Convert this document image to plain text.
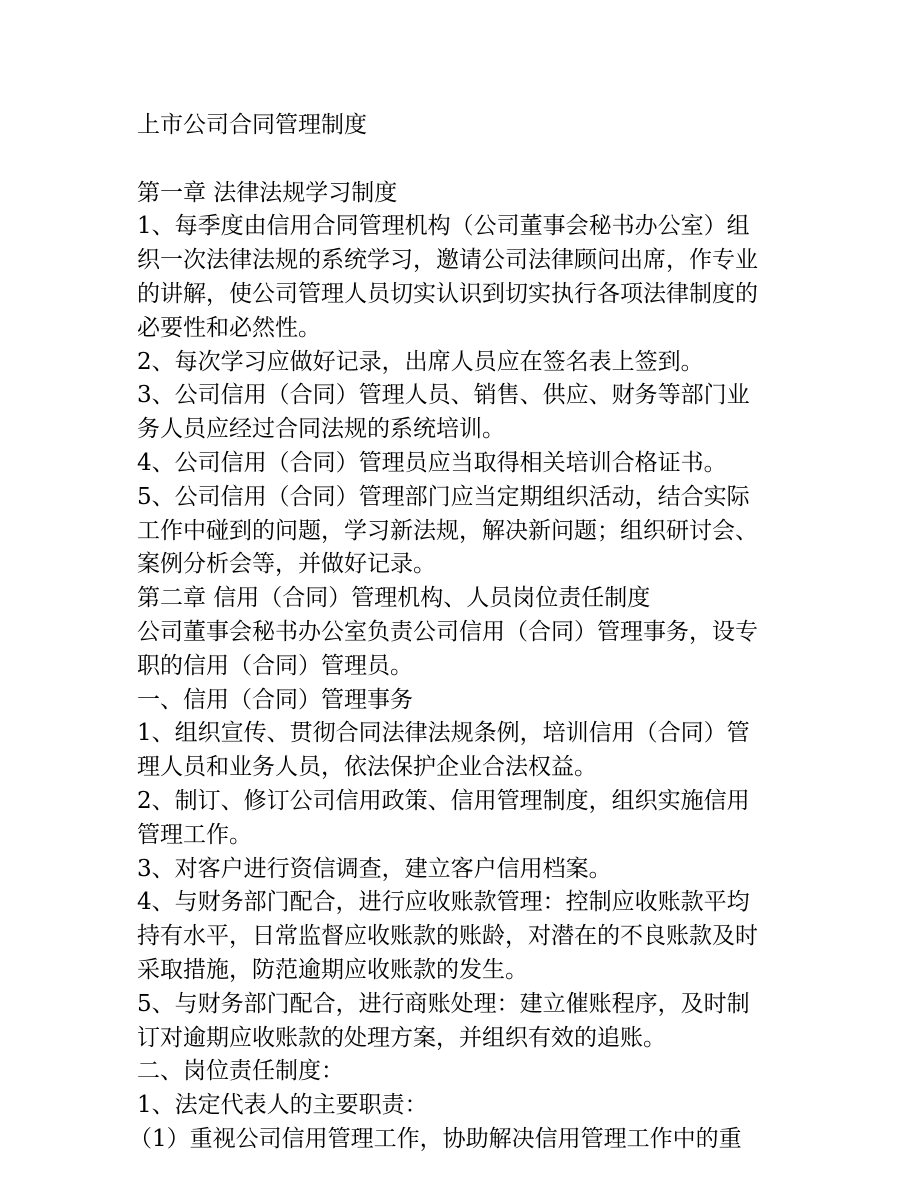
上市公司合同管理制度
第一章 法律法规学习制度
1、每季度由信用合同管理机构（公司董事会秘书办公室）组
织一次法律法规的系统学习，邀请公司法律顾问出席，作专业
的讲解，使公司管理人员切实认识到切实执行各项法律制度的
必要性和必然性。
2、每次学习应做好记录，出席人员应在签名表上签到。
3、公司信用（合同）管理人员、销售、供应、财务等部门业
务人员应经过合同法规的系统培训。
4、公司信用（合同）管理员应当取得相关培训合格证书。
5、公司信用（合同）管理部门应当定期组织活动，结合实际
工作中碰到的问题，学习新法规，解决新问题；组织研讨会、
案例分析会等，并做好记录。
第二章 信用（合同）管理机构、人员岗位责任制度
公司董事会秘书办公室负责公司信用（合同）管理事务，设专
职的信用（合同）管理员。
一、信用（合同）管理事务
1、组织宣传、贯彻合同法律法规条例，培训信用（合同）管
理人员和业务人员，依法保护企业合法权益。
2、制订、修订公司信用政策、信用管理制度，组织实施信用
管理工作。
3、对客户进行资信调查，建立客户信用档案。
4、与财务部门配合，进行应收账款管理：控制应收账款平均
持有水平，日常监督应收账款的账龄，对潜在的不良账款及时
采取措施，防范逾期应收账款的发生。
5、与财务部门配合，进行商账处理：建立催账程序，及时制
订对逾期应收账款的处理方案，并组织有效的追账。
二、岗位责任制度：
1、法定代表人的主要职责：
（1）重视公司信用管理工作，协助解决信用管理工作中的重
